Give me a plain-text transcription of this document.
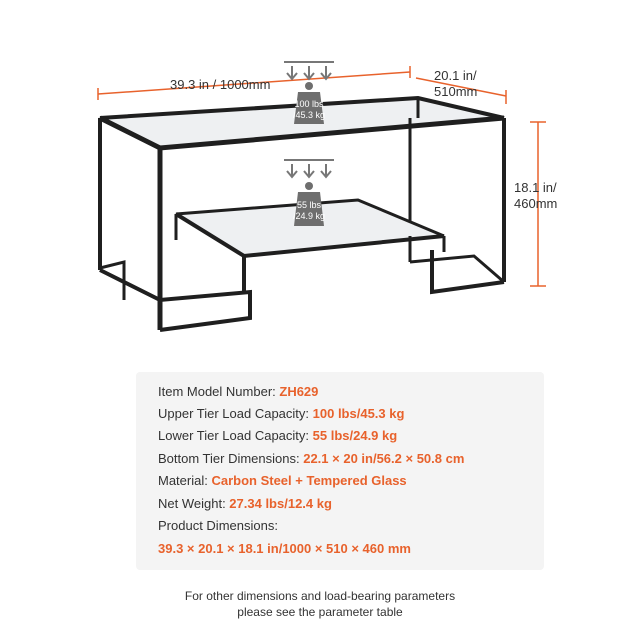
39.3 in / 1000mm
20.1 in/
510mm
18.1 in/
460mm
100 lbs
/45.3 kg
55 lbs
/24.9 kg
Item Model Number: ZH629
Upper Tier Load Capacity: 100 lbs/45.3 kg
Lower Tier Load Capacity: 55 lbs/24.9 kg
Bottom Tier Dimensions: 22.1 × 20 in/56.2 × 50.8 cm
Material: Carbon Steel + Tempered Glass
Net Weight: 27.34 lbs/12.4 kg
Product Dimensions:
39.3 × 20.1 × 18.1 in/1000 × 510 × 460 mm
For other dimensions and load-bearing parameters
please see the parameter table
